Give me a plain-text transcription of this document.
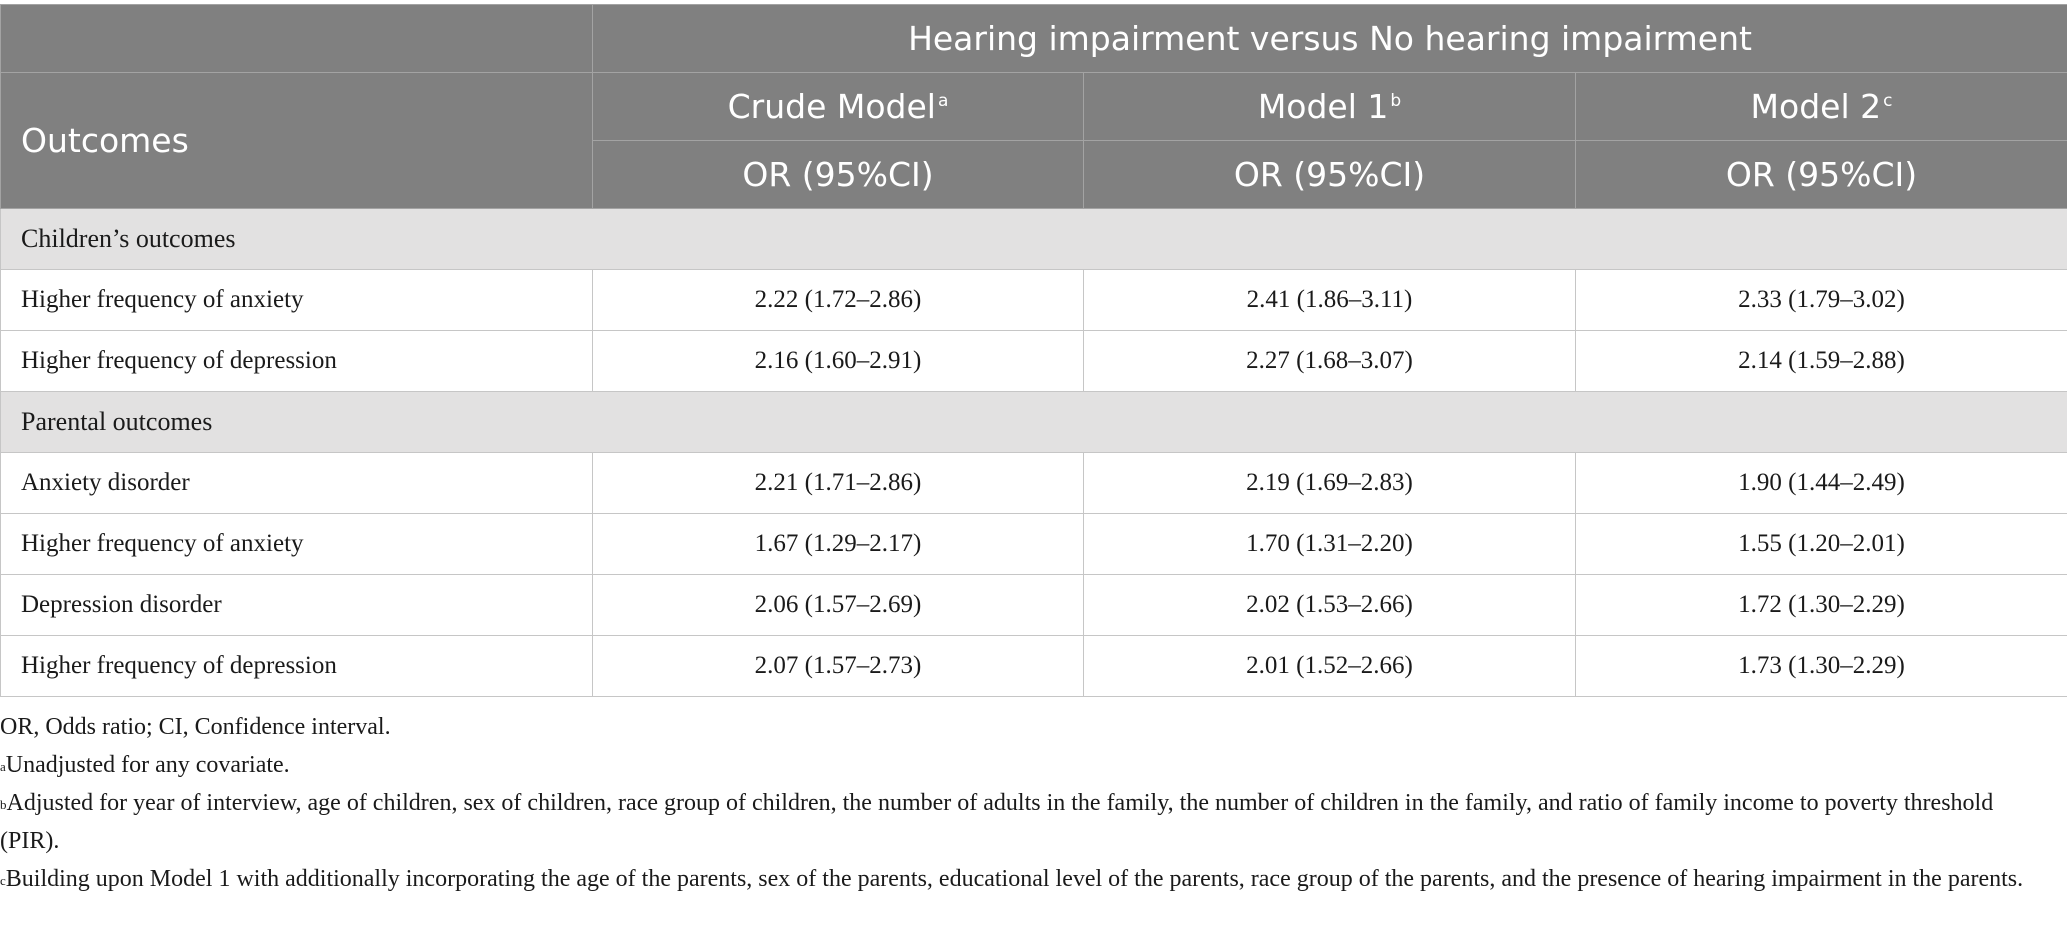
	Hearing impairment versus No hearing impairment		
Outcomes	Crude Model $^a$	Model 1 $^b$	Model 2 $^c$
	OR (95%CI)	OR (95%CI)	OR (95%CI)
Children’s outcomes			
Higher frequency of anxiety	2.22 (1.72–2.86)	2.41 (1.86–3.11)	2.33 (1.79–3.02)
Higher frequency of depression	2.16 (1.60–2.91)	2.27 (1.68–3.07)	2.14 (1.59–2.88)
Parental outcomes			
Anxiety disorder	2.21 (1.71–2.86)	2.19 (1.69–2.83)	1.90 (1.44–2.49)
Higher frequency of anxiety	1.67 (1.29–2.17)	1.70 (1.31–2.20)	1.55 (1.20–2.01)
Depression disorder	2.06 (1.57–2.69)	2.02 (1.53–2.66)	1.72 (1.30–2.29)
Higher frequency of depression	2.07 (1.57–2.73)	2.01 (1.52–2.66)	1.73 (1.30–2.29)

OR, Odds ratio; CI, Confidence interval.

$^a$Unadjusted for any covariate.

$^b$Adjusted for year of interview, age of children, sex of children, race group of children, the number of adults in the family, the number of children in the family, and ratio of family income to poverty threshold (PIR).

$^c$Building upon Model 1 with additionally incorporating the age of the parents, sex of the parents, educational level of the parents, race group of the parents, and the presence of hearing impairment in the parents.
